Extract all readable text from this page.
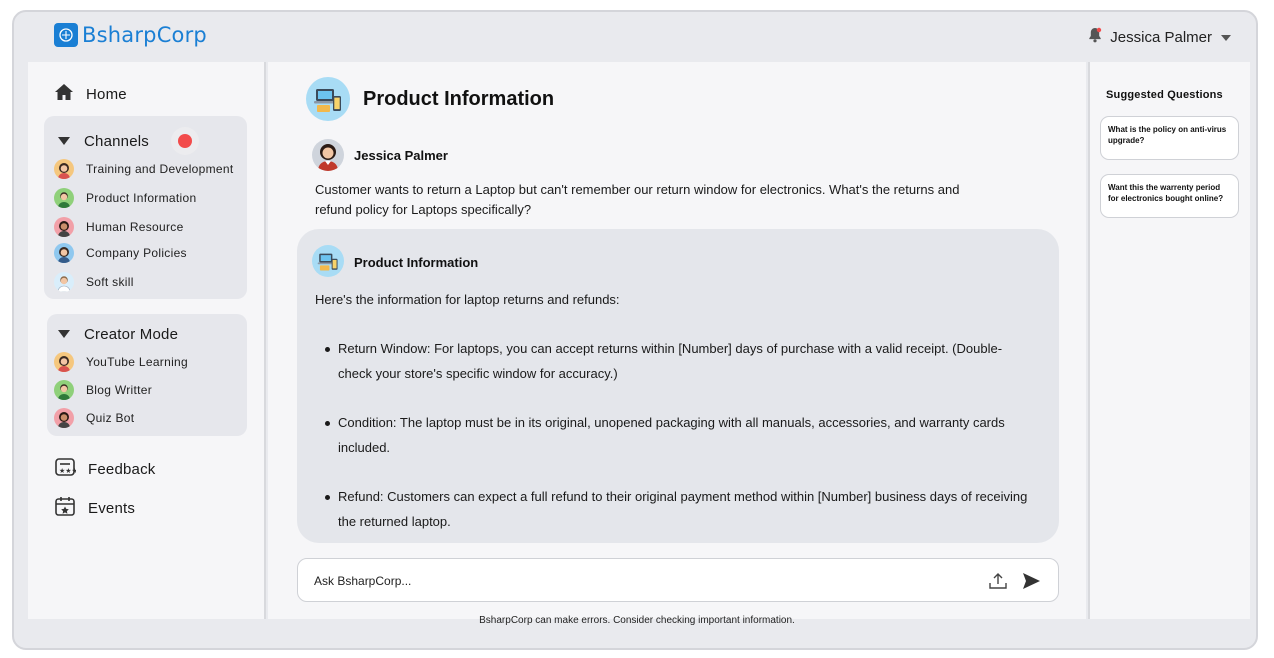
BsharpCorp	Jessica Palmer
Home
Channels
Training and Development
Product Information
Human Resource
Company Policies
Soft skill
Creator Mode
YouTube Learning
Blog Writter
Quiz Bot
★★★ Feedback
Events
Product Information
Jessica Palmer
Customer wants to return a Laptop but can't remember our return window for electronics. What's the returns and refund policy for Laptops specifically?
Product Information
Here's the information for laptop returns and refunds:
Return Window: For laptops, you can accept returns within [Number] days of purchase with a valid receipt. (Double-check your store's specific window for accuracy.)
Condition: The laptop must be in its original, unopened packaging with all manuals, accessories, and warranty cards included.
Refund: Customers can expect a full refund to their original payment method within [Number] business days of receiving the returned laptop.
Ask BsharpCorp...
Suggested Questions
What is the policy on anti-virus upgrade?
Want this the warrenty period for electronics bought online?
BsharpCorp can make errors. Consider checking important information.
